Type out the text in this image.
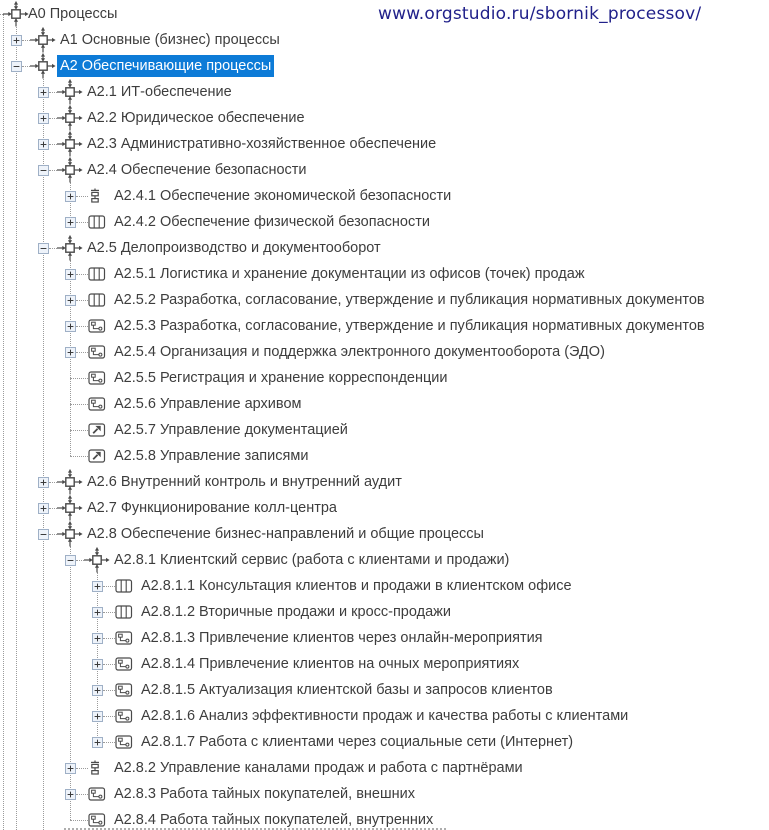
www.orgstudio.ru/sbornik_processov/
А0 Процессы
А1 Основные (бизнес) процессы
А2 Обеспечивающие процессы
А2.1 ИТ-обеспечение
А2.2 Юридическое обеспечение
А2.3 Административно-хозяйственное обеспечение
А2.4 Обеспечение безопасности
А2.4.1 Обеспечение экономической безопасности
А2.4.2 Обеспечение физической безопасности
А2.5 Делопроизводство и документооборот
А2.5.1 Логистика и хранение документации из офисов (точек) продаж
А2.5.2 Разработка, согласование, утверждение и публикация нормативных документов
А2.5.3 Разработка, согласование, утверждение и публикация нормативных документов
А2.5.4 Организация и поддержка электронного документооборота (ЭДО)
А2.5.5 Регистрация и хранение корреспонденции
А2.5.6 Управление архивом
А2.5.7 Управление документацией
А2.5.8 Управление записями
А2.6 Внутренний контроль и внутренний аудит
А2.7 Функционирование колл-центра
А2.8 Обеспечение бизнес-направлений и общие процессы
А2.8.1 Клиентский сервис (работа с клиентами и продажи)
А2.8.1.1 Консультация клиентов и продажи в клиентском офисе
А2.8.1.2 Вторичные продажи и кросс-продажи
А2.8.1.3 Привлечение клиентов через онлайн-мероприятия
А2.8.1.4 Привлечение клиентов на очных мероприятиях
А2.8.1.5 Актуализация клиентской базы и запросов клиентов
А2.8.1.6 Анализ эффективности продаж и качества работы с клиентами
А2.8.1.7 Работа с клиентами через социальные сети (Интернет)
А2.8.2 Управление каналами продаж и работа с партнёрами
А2.8.3 Работа тайных покупателей, внешних
А2.8.4 Работа тайных покупателей, внутренних
